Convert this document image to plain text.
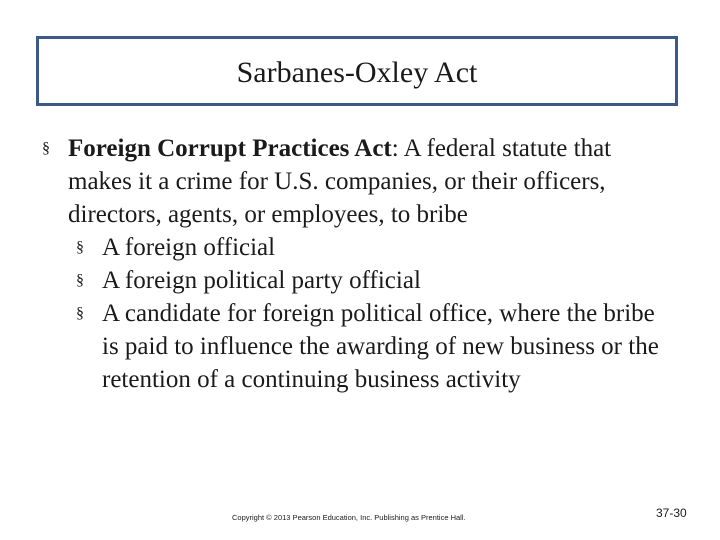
Sarbanes-Oxley Act
§ Foreign Corrupt Practices Act: A federal statute that makes it a crime for U.S. companies, or their officers, directors, agents, or employees, to bribe
§ A foreign official
§ A foreign political party official
§ A candidate for foreign political office, where the bribe is paid to influence the awarding of new business or the retention of a continuing business activity
Copyright © 2013 Pearson Education, Inc. Publishing as Prentice Hall.	37-30
